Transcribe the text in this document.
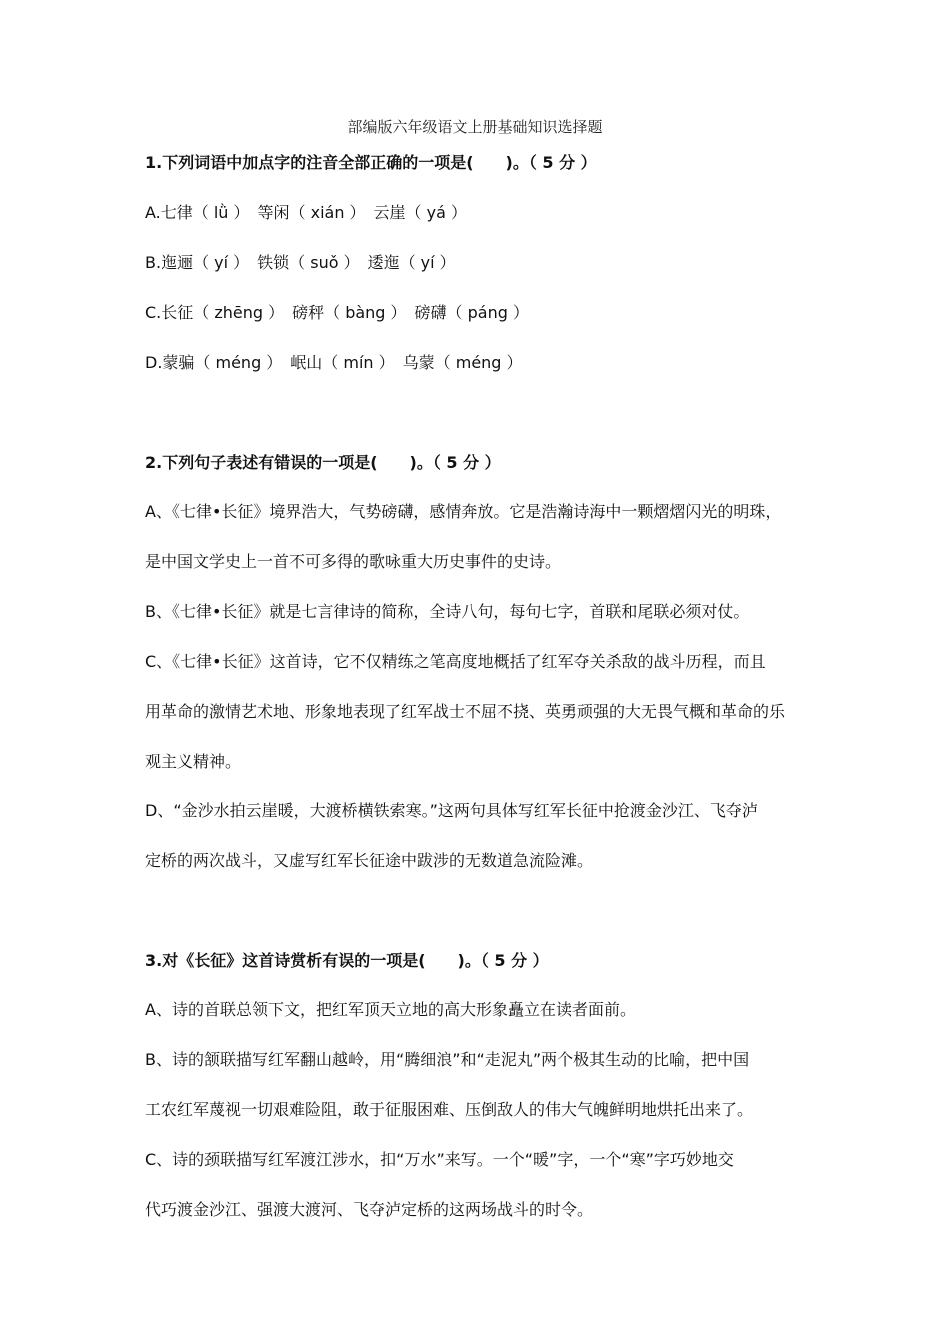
部编版六年级语文上册基础知识选择题
1.下列词语中加点字的注音全部正确的一项是(　　)。（ 5 分 ）
A.七律（ lǜ ）　等闲（ xián ）　云崖（ yá ）
B.迤逦（ yí ）　铁锁（ suǒ ）　逶迤（ yí ）
C.长征（ zhēng ）　磅秤（ bàng ）　磅礴（ páng ）
D.蒙骗（ méng ）　岷山（ mín ）　乌蒙（ méng ）
2.下列句子表述有错误的一项是(　　)。（ 5 分 ）
A、《七律•长征》境界浩大，气势磅礴，感情奔放。它是浩瀚诗海中一颗熠熠闪光的明珠，
是中国文学史上一首不可多得的歌咏重大历史事件的史诗。
B、《七律•长征》就是七言律诗的简称，全诗八句，每句七字，首联和尾联必须对仗。
C、《七律•长征》这首诗，它不仅精练之笔高度地概括了红军夺关杀敌的战斗历程，而且
用革命的激情艺术地、形象地表现了红军战士不屈不挠、英勇顽强的大无畏气概和革命的乐
观主义精神。
D、“金沙水拍云崖暖，大渡桥横铁索寒。”这两句具体写红军长征中抢渡金沙江、飞夺泸
定桥的两次战斗，又虚写红军长征途中跋涉的无数道急流险滩。
3.对《长征》这首诗赏析有误的一项是(　　)。（ 5 分 ）
A、诗的首联总领下文，把红军顶天立地的高大形象矗立在读者面前。
B、诗的颔联描写红军翻山越岭，用“腾细浪”和“走泥丸”两个极其生动的比喻，把中国
工农红军蔑视一切艰难险阻，敢于征服困难、压倒敌人的伟大气魄鲜明地烘托出来了。
C、诗的颈联描写红军渡江涉水，扣“万水”来写。一个“暖”字，一个“寒”字巧妙地交
代巧渡金沙江、强渡大渡河、飞夺泸定桥的这两场战斗的时令。
